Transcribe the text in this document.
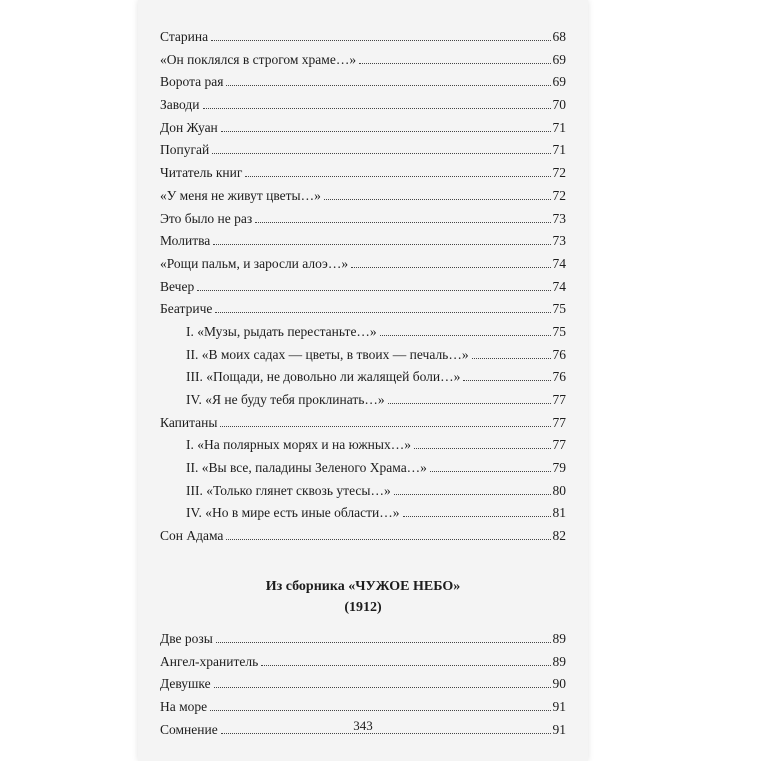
Старина	68
«Он поклялся в строгом храме…»	69
Ворота рая	69
Заводи	70
Дон Жуан	71
Попугай	71
Читатель книг	72
«У меня не живут цветы…»	72
Это было не раз	73
Молитва	73
«Рощи пальм, и заросли алоэ…»	74
Вечер	74
Беатриче	75
I. «Музы, рыдать перестаньте…»	75
II. «В моих садах — цветы, в твоих — печаль…»	76
III. «Пощади, не довольно ли жалящей боли…»	76
IV. «Я не буду тебя проклинать…»	77
Капитаны	77
I. «На полярных морях и на южных…»	77
II. «Вы все, паладины Зеленого Храма…»	79
III. «Только глянет сквозь утесы…»	80
IV. «Но в мире есть иные области…»	81
Сон Адама	82
Из сборника «ЧУЖОЕ НЕБО»
(1912)
Две розы	89
Ангел-хранитель	89
Девушке	90
На море	91
Сомнение	91
343
